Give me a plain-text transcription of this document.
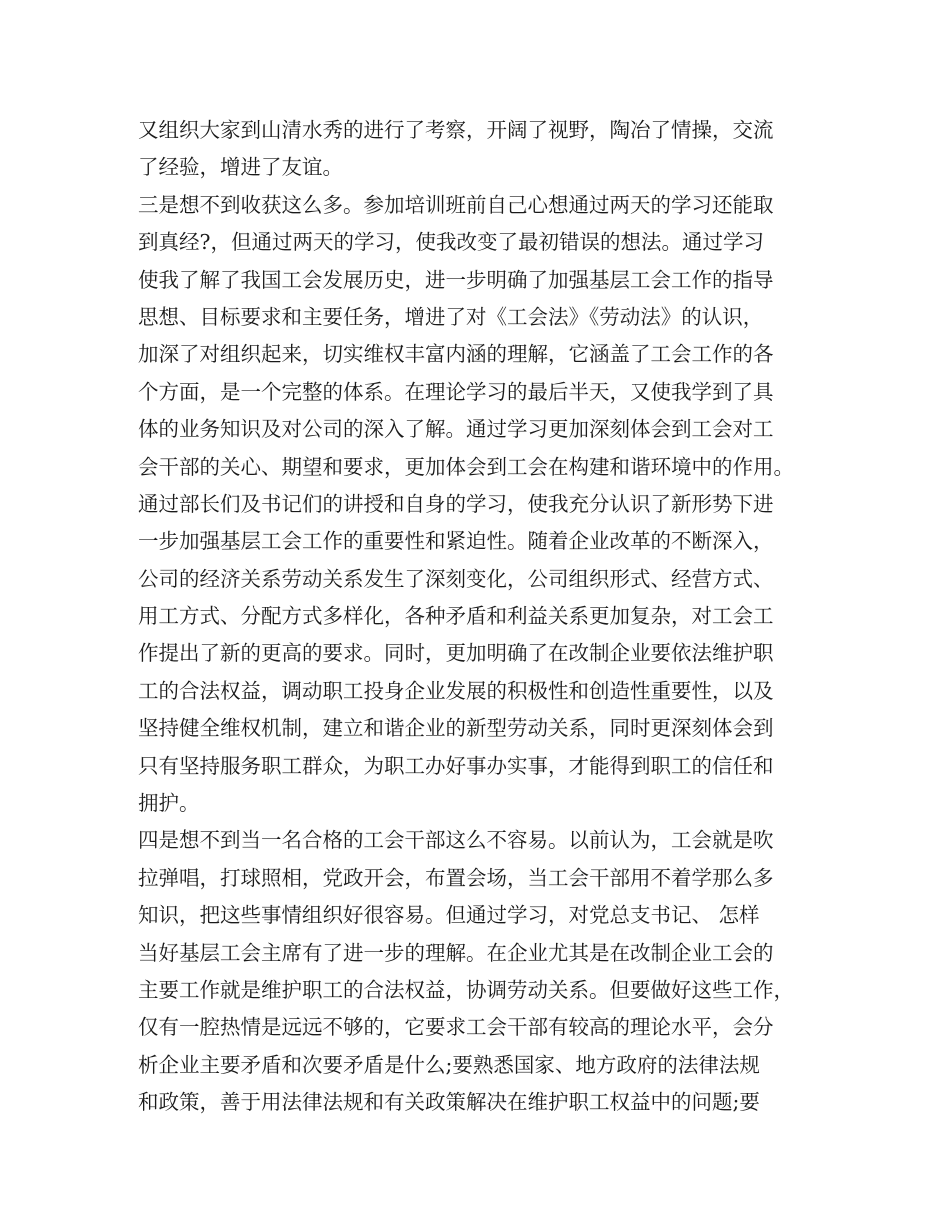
又组织大家到山清水秀的进行了考察，开阔了视野，陶冶了情操，交流
了经验，增进了友谊。
三是想不到收获这么多。参加培训班前自己心想通过两天的学习还能取
到真经?，但通过两天的学习，使我改变了最初错误的想法。通过学习
使我了解了我国工会发展历史，进一步明确了加强基层工会工作的指导
思想、目标要求和主要任务，增进了对《工会法》《劳动法》的认识，
加深了对组织起来，切实维权丰富内涵的理解，它涵盖了工会工作的各
个方面，是一个完整的体系。在理论学习的最后半天，又使我学到了具
体的业务知识及对公司的深入了解。通过学习更加深刻体会到工会对工
会干部的关心、期望和要求，更加体会到工会在构建和谐环境中的作用。
通过部长们及书记们的讲授和自身的学习，使我充分认识了新形势下进
一步加强基层工会工作的重要性和紧迫性。随着企业改革的不断深入，
公司的经济关系劳动关系发生了深刻变化，公司组织形式、经营方式、
用工方式、分配方式多样化，各种矛盾和利益关系更加复杂，对工会工
作提出了新的更高的要求。同时，更加明确了在改制企业要依法维护职
工的合法权益，调动职工投身企业发展的积极性和创造性重要性，以及
坚持健全维权机制，建立和谐企业的新型劳动关系，同时更深刻体会到
只有坚持服务职工群众，为职工办好事办实事，才能得到职工的信任和
拥护。
四是想不到当一名合格的工会干部这么不容易。以前认为，工会就是吹
拉弹唱，打球照相，党政开会，布置会场，当工会干部用不着学那么多
知识，把这些事情组织好很容易。但通过学习，对党总支书记、 怎样
当好基层工会主席有了进一步的理解。在企业尤其是在改制企业工会的
主要工作就是维护职工的合法权益，协调劳动关系。但要做好这些工作，
仅有一腔热情是远远不够的，它要求工会干部有较高的理论水平，会分
析企业主要矛盾和次要矛盾是什么;要熟悉国家、地方政府的法律法规
和政策，善于用法律法规和有关政策解决在维护职工权益中的问题;要
